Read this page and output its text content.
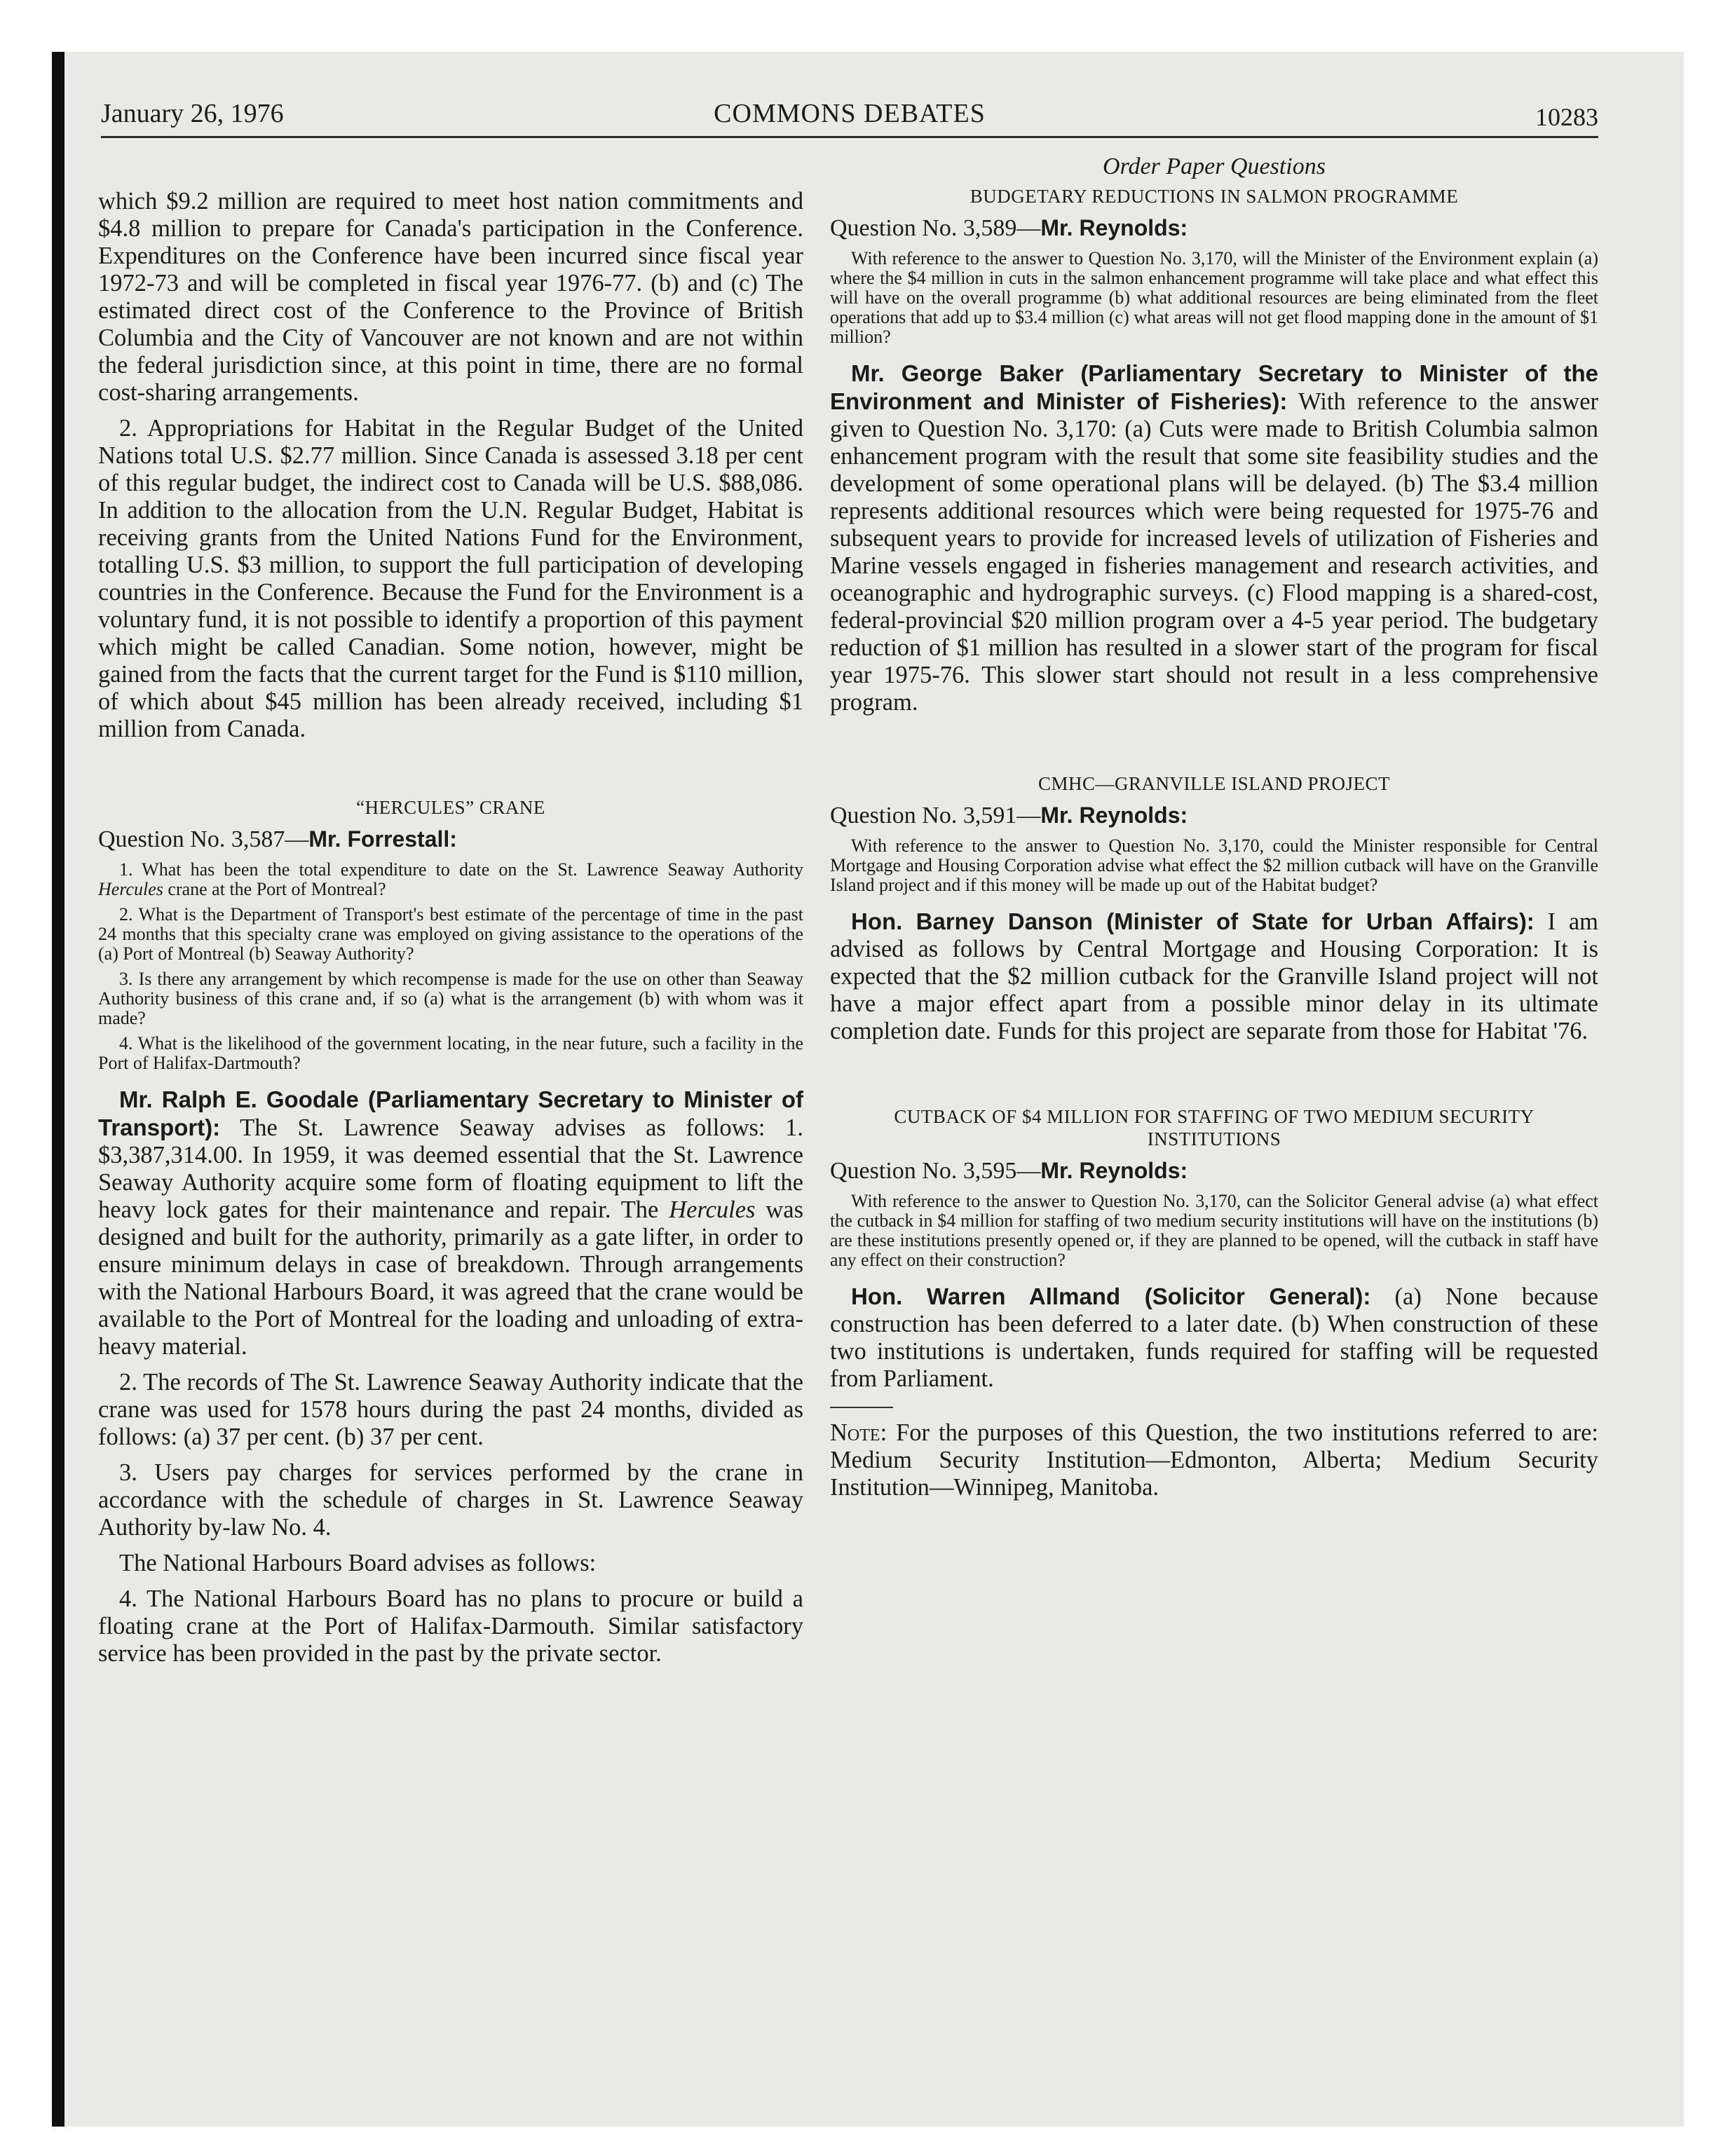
January 26, 1976	COMMONS DEBATES	10283

which $9.2 million are required to meet host nation commitments and $4.8 million to prepare for Canada's participation in the Conference. Expenditures on the Conference have been incurred since fiscal year 1972-73 and will be completed in fiscal year 1976-77. (b) and (c) The estimated direct cost of the Conference to the Province of British Columbia and the City of Vancouver are not known and are not within the federal jurisdiction since, at this point in time, there are no formal cost-sharing arrangements.

2. Appropriations for Habitat in the Regular Budget of the United Nations total U.S. $2.77 million. Since Canada is assessed 3.18 per cent of this regular budget, the indirect cost to Canada will be U.S. $88,086. In addition to the allocation from the U.N. Regular Budget, Habitat is receiving grants from the United Nations Fund for the Environment, totalling U.S. $3 million, to support the full participation of developing countries in the Conference. Because the Fund for the Environment is a voluntary fund, it is not possible to identify a proportion of this payment which might be called Canadian. Some notion, however, might be gained from the facts that the current target for the Fund is $110 million, of which about $45 million has been already received, including $1 million from Canada.

“HERCULES” CRANE

Question No. 3,587—Mr. Forrestall:

1. What has been the total expenditure to date on the St. Lawrence Seaway Authority Hercules crane at the Port of Montreal?

2. What is the Department of Transport's best estimate of the percentage of time in the past 24 months that this specialty crane was employed on giving assistance to the operations of the (a) Port of Montreal (b) Seaway Authority?

3. Is there any arrangement by which recompense is made for the use on other than Seaway Authority business of this crane and, if so (a) what is the arrangement (b) with whom was it made?

4. What is the likelihood of the government locating, in the near future, such a facility in the Port of Halifax-Dartmouth?

Mr. Ralph E. Goodale (Parliamentary Secretary to Minister of Transport): The St. Lawrence Seaway advises as follows: 1. $3,387,314.00. In 1959, it was deemed essential that the St. Lawrence Seaway Authority acquire some form of floating equipment to lift the heavy lock gates for their maintenance and repair. The Hercules was designed and built for the authority, primarily as a gate lifter, in order to ensure minimum delays in case of breakdown. Through arrangements with the National Harbours Board, it was agreed that the crane would be available to the Port of Montreal for the loading and unloading of extra-heavy material.

2. The records of The St. Lawrence Seaway Authority indicate that the crane was used for 1578 hours during the past 24 months, divided as follows: (a) 37 per cent. (b) 37 per cent.

3. Users pay charges for services performed by the crane in accordance with the schedule of charges in St. Lawrence Seaway Authority by-law No. 4.

The National Harbours Board advises as follows:

4. The National Harbours Board has no plans to procure or build a floating crane at the Port of Halifax-Darmouth. Similar satisfactory service has been provided in the past by the private sector.

Order Paper Questions

BUDGETARY REDUCTIONS IN SALMON PROGRAMME

Question No. 3,589—Mr. Reynolds:

With reference to the answer to Question No. 3,170, will the Minister of the Environment explain (a) where the $4 million in cuts in the salmon enhancement programme will take place and what effect this will have on the overall programme (b) what additional resources are being eliminated from the fleet operations that add up to $3.4 million (c) what areas will not get flood mapping done in the amount of $1 million?

Mr. George Baker (Parliamentary Secretary to Minister of the Environment and Minister of Fisheries): With reference to the answer given to Question No. 3,170: (a) Cuts were made to British Columbia salmon enhancement program with the result that some site feasibility studies and the development of some operational plans will be delayed. (b) The $3.4 million represents additional resources which were being requested for 1975-76 and subsequent years to provide for increased levels of utilization of Fisheries and Marine vessels engaged in fisheries management and research activities, and oceanographic and hydrographic surveys. (c) Flood mapping is a shared-cost, federal-provincial $20 million program over a 4-5 year period. The budgetary reduction of $1 million has resulted in a slower start of the program for fiscal year 1975-76. This slower start should not result in a less comprehensive program.

CMHC—GRANVILLE ISLAND PROJECT

Question No. 3,591—Mr. Reynolds:

With reference to the answer to Question No. 3,170, could the Minister responsible for Central Mortgage and Housing Corporation advise what effect the $2 million cutback will have on the Granville Island project and if this money will be made up out of the Habitat budget?

Hon. Barney Danson (Minister of State for Urban Affairs): I am advised as follows by Central Mortgage and Housing Corporation: It is expected that the $2 million cutback for the Granville Island project will not have a major effect apart from a possible minor delay in its ultimate completion date. Funds for this project are separate from those for Habitat '76.

CUTBACK OF $4 MILLION FOR STAFFING OF TWO MEDIUM SECURITY INSTITUTIONS

Question No. 3,595—Mr. Reynolds:

With reference to the answer to Question No. 3,170, can the Solicitor General advise (a) what effect the cutback in $4 million for staffing of two medium security institutions will have on the institutions (b) are these institutions presently opened or, if they are planned to be opened, will the cutback in staff have any effect on their construction?

Hon. Warren Allmand (Solicitor General): (a) None because construction has been deferred to a later date. (b) When construction of these two institutions is undertaken, funds required for staffing will be requested from Parliament.

Note: For the purposes of this Question, the two institutions referred to are: Medium Security Institution—Edmonton, Alberta; Medium Security Institution—Winnipeg, Manitoba.
